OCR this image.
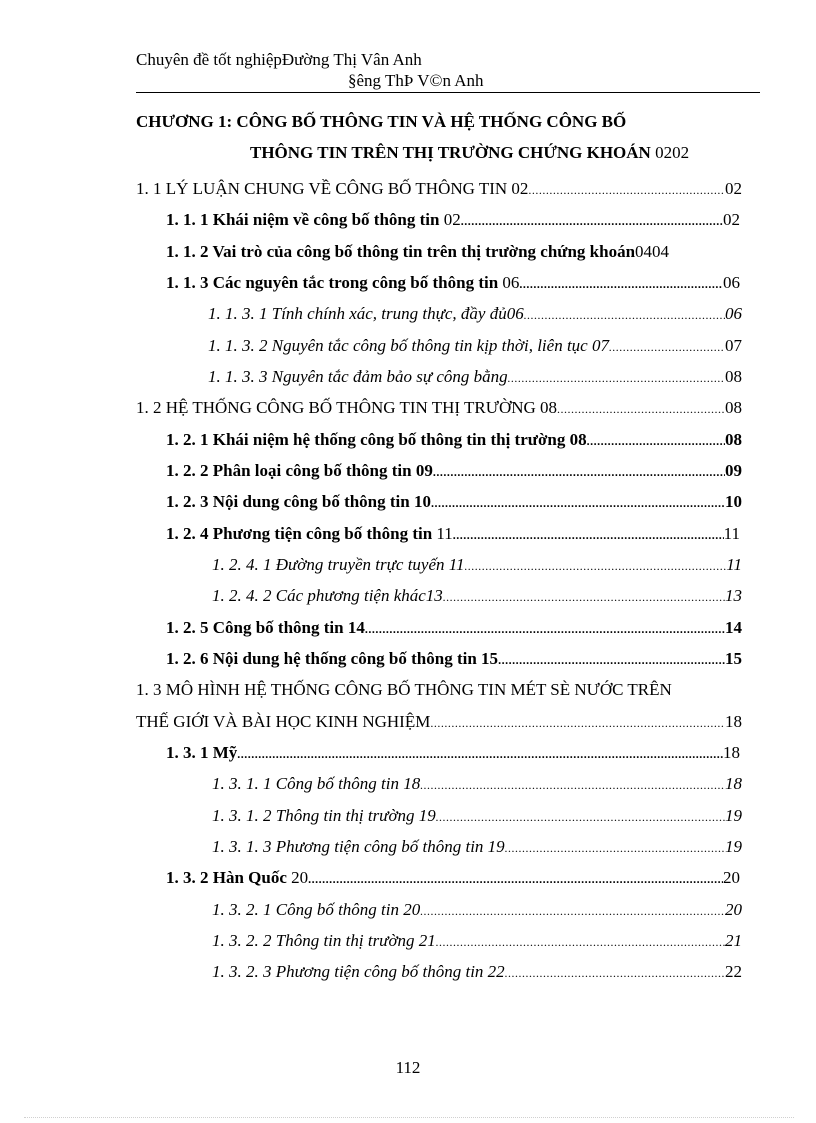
Chuyên đề tốt nghiệpĐường Thị Vân Anh
§êng ThÞ V©n Anh
CHƯƠNG 1: CÔNG BỐ THÔNG TIN VÀ HỆ THỐNG CÔNG BỐ
THÔNG TIN TRÊN THỊ TRƯỜNG CHỨNG KHOÁN 0202
1. 1 LÝ LUẬN CHUNG VỀ CÔNG BỐ THÔNG TIN 02 .....	02
1. 1. 1 Khái niệm về công bố thông tin 02 .....	02
1. 1. 2 Vai trò của công bố thông tin trên thị trường chứng khoán 0404
1. 1. 3 Các nguyên tắc trong công bố thông tin 06 .....	06
1. 1. 3. 1 Tính chính xác, trung thực, đầy đủ06 .....	06
1. 1. 3. 2 Nguyên tắc công bố thông tin kịp thời, liên tục 07 .....	07
1. 1. 3. 3 Nguyên tắc đảm bảo sự công bằng .....	08
1. 2 HỆ THỐNG CÔNG BỐ THÔNG TIN THỊ TRƯỜNG 08 .....	08
1. 2. 1 Khái niệm hệ thống công bố thông tin thị trường 08 .....	08
1. 2. 2 Phân loại công bố thông tin 09 .....	09
1. 2. 3 Nội dung công bố thông tin 10 .....	10
1. 2. 4 Phương tiện công bố thông tin 11 .....	11
1. 2. 4. 1 Đường truyền trực tuyến 11 .....	11
1. 2. 4. 2 Các phương tiện khác13 .....	13
1. 2. 5 Công bố thông tin 14 .....	14
1. 2. 6 Nội dung hệ thống công bố thông tin 15 .....	15
1. 3 MÔ HÌNH HỆ THỐNG CÔNG BỐ THÔNG TIN MÉT SÈ NƯỚC TRÊN
THẾ GIỚI VÀ BÀI HỌC KINH NGHIỆM .....	18
1. 3. 1 Mỹ .....	18
1. 3. 1. 1 Công bố thông tin 18 .....	18
1. 3. 1. 2 Thông tin thị trường 19 .....	19
1. 3. 1. 3 Phương tiện công bố thông tin 19 .....	19
1. 3. 2 Hàn Quốc 20 .....	20
1. 3. 2. 1 Công bố thông tin 20 .....	20
1. 3. 2. 2 Thông tin thị trường 21 .....	21
1. 3. 2. 3 Phương tiện công bố thông tin 22 .....	22
112
